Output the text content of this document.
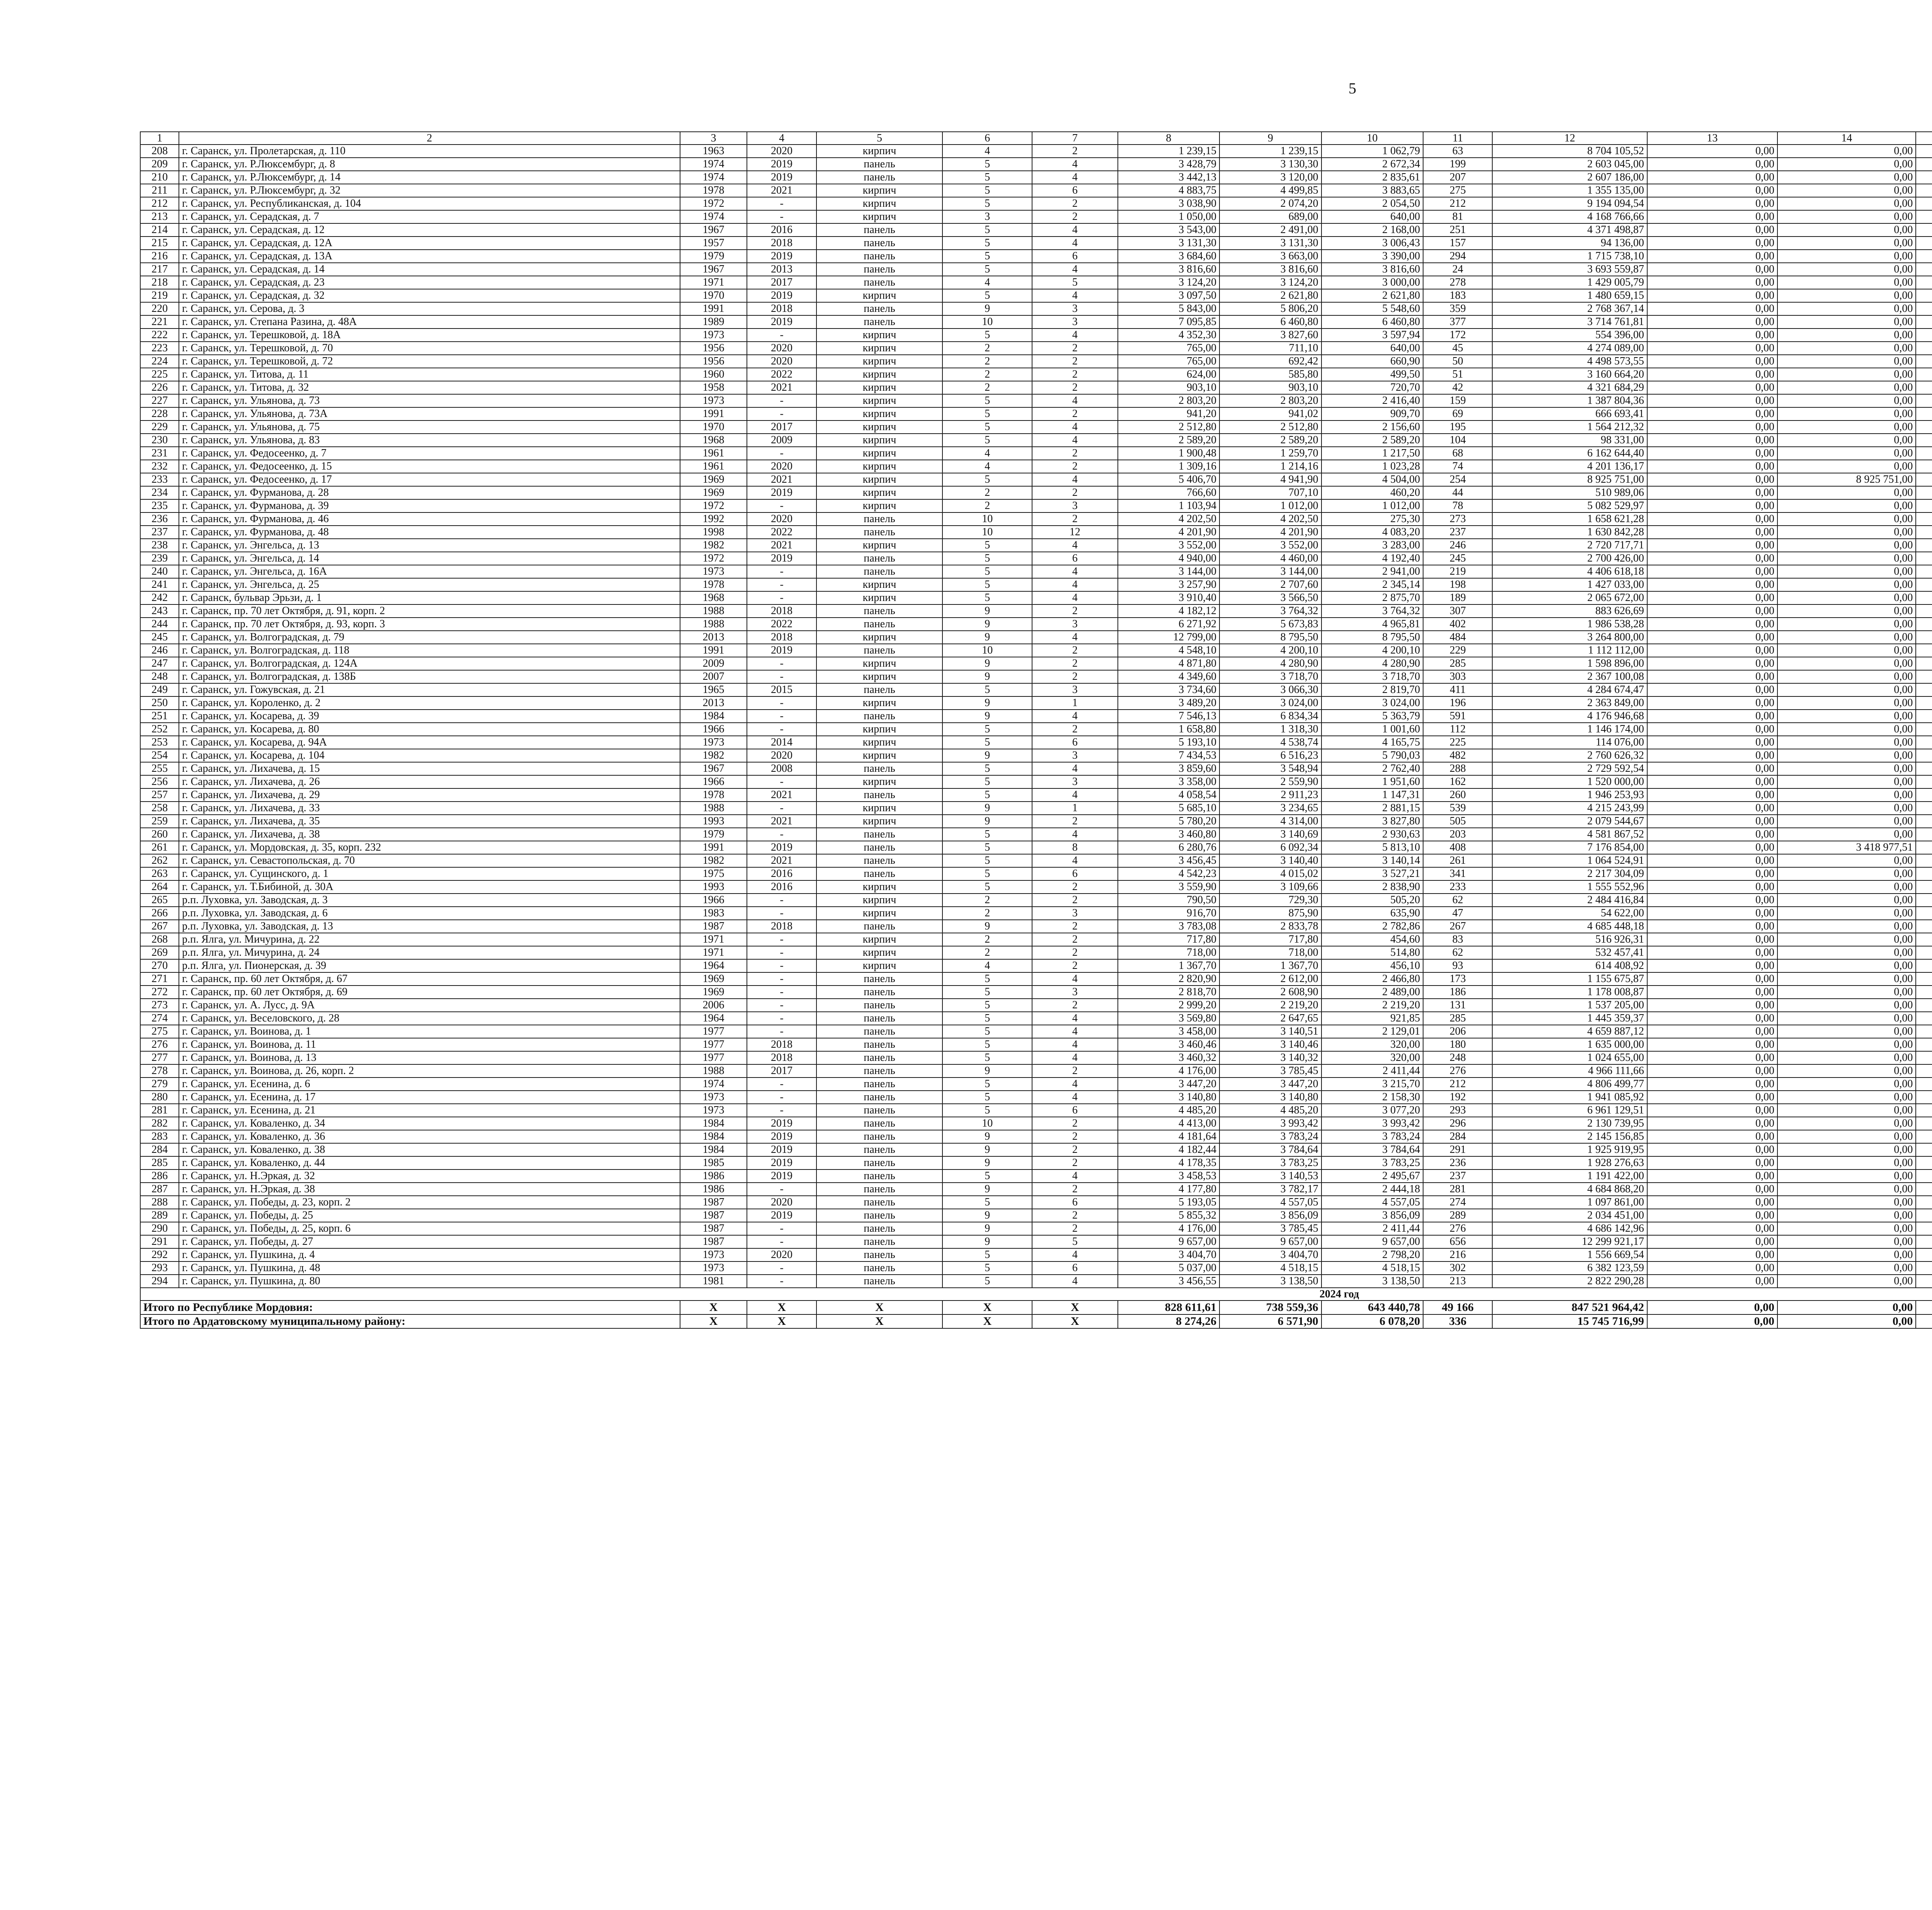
5
1	2	3	4	5	6	7	8	9	10	11	12	13	14					
208	г. Саранск, ул. Пролетарская, д. 110	1963	2020	кирпич	4	2	1 239,15	1 239,15	1 062,79	63	8 704 105,52	0,00	0,00					
209	г. Саранск, ул. Р.Люксембург, д. 8	1974	2019	панель	5	4	3 428,79	3 130,30	2 672,34	199	2 603 045,00	0,00	0,00					
210	г. Саранск, ул. Р.Люксембург, д. 14	1974	2019	панель	5	4	3 442,13	3 120,00	2 835,61	207	2 607 186,00	0,00	0,00					
211	г. Саранск, ул. Р.Люксембург, д. 32	1978	2021	кирпич	5	6	4 883,75	4 499,85	3 883,65	275	1 355 135,00	0,00	0,00					
212	г. Саранск, ул. Республиканская, д. 104	1972	-	кирпич	5	2	3 038,90	2 074,20	2 054,50	212	9 194 094,54	0,00	0,00					
213	г. Саранск, ул. Серадская, д. 7	1974	-	кирпич	3	2	1 050,00	689,00	640,00	81	4 168 766,66	0,00	0,00					
214	г. Саранск, ул. Серадская, д. 12	1967	2016	панель	5	4	3 543,00	2 491,00	2 168,00	251	4 371 498,87	0,00	0,00					
215	г. Саранск, ул. Серадская, д. 12А	1957	2018	панель	5	4	3 131,30	3 131,30	3 006,43	157	94 136,00	0,00	0,00					
216	г. Саранск, ул. Серадская, д. 13А	1979	2019	панель	5	6	3 684,60	3 663,00	3 390,00	294	1 715 738,10	0,00	0,00					
217	г. Саранск, ул. Серадская, д. 14	1967	2013	панель	5	4	3 816,60	3 816,60	3 816,60	24	3 693 559,87	0,00	0,00					
218	г. Саранск, ул. Серадская, д. 23	1971	2017	панель	4	5	3 124,20	3 124,20	3 000,00	278	1 429 005,79	0,00	0,00					
219	г. Саранск, ул. Серадская, д. 32	1970	2019	кирпич	5	4	3 097,50	2 621,80	2 621,80	183	1 480 659,15	0,00	0,00					
220	г. Саранск, ул. Серова, д. 3	1991	2018	панель	9	3	5 843,00	5 806,20	5 548,60	359	2 768 367,14	0,00	0,00					
221	г. Саранск, ул. Степана Разина, д. 48А	1989	2019	панель	10	3	7 095,85	6 460,80	6 460,80	377	3 714 761,81	0,00	0,00					
222	г. Саранск, ул. Терешковой, д. 18А	1973	-	кирпич	5	4	4 352,30	3 827,60	3 597,94	172	554 396,00	0,00	0,00					
223	г. Саранск, ул. Терешковой, д. 70	1956	2020	кирпич	2	2	765,00	711,10	640,00	45	4 274 089,00	0,00	0,00					
224	г. Саранск, ул. Терешковой, д. 72	1956	2020	кирпич	2	2	765,00	692,42	660,90	50	4 498 573,55	0,00	0,00					
225	г. Саранск, ул. Титова, д. 11	1960	2022	кирпич	2	2	624,00	585,80	499,50	51	3 160 664,20	0,00	0,00					
226	г. Саранск, ул. Титова, д. 32	1958	2021	кирпич	2	2	903,10	903,10	720,70	42	4 321 684,29	0,00	0,00					
227	г. Саранск, ул. Ульянова, д. 73	1973	-	кирпич	5	4	2 803,20	2 803,20	2 416,40	159	1 387 804,36	0,00	0,00					
228	г. Саранск, ул. Ульянова, д. 73А	1991	-	кирпич	5	2	941,20	941,02	909,70	69	666 693,41	0,00	0,00					
229	г. Саранск, ул. Ульянова, д. 75	1970	2017	кирпич	5	4	2 512,80	2 512,80	2 156,60	195	1 564 212,32	0,00	0,00					
230	г. Саранск, ул. Ульянова, д. 83	1968	2009	кирпич	5	4	2 589,20	2 589,20	2 589,20	104	98 331,00	0,00	0,00					
231	г. Саранск, ул. Федосеенко, д. 7	1961	-	кирпич	4	2	1 900,48	1 259,70	1 217,50	68	6 162 644,40	0,00	0,00					
232	г. Саранск, ул. Федосеенко, д. 15	1961	2020	кирпич	4	2	1 309,16	1 214,16	1 023,28	74	4 201 136,17	0,00	0,00					
233	г. Саранск, ул. Федосеенко, д. 17	1969	2021	кирпич	5	4	5 406,70	4 941,90	4 504,00	254	8 925 751,00	0,00	8 925 751,00					
234	г. Саранск, ул. Фурманова, д. 28	1969	2019	кирпич	2	2	766,60	707,10	460,20	44	510 989,06	0,00	0,00					
235	г. Саранск, ул. Фурманова, д. 39	1972	-	кирпич	2	3	1 103,94	1 012,00	1 012,00	78	5 082 529,97	0,00	0,00					
236	г. Саранск, ул. Фурманова, д. 46	1992	2020	панель	10	2	4 202,50	4 202,50	275,30	273	1 658 621,28	0,00	0,00					
237	г. Саранск, ул. Фурманова, д. 48	1998	2022	панель	10	12	4 201,90	4 201,90	4 083,20	237	1 630 842,28	0,00	0,00					
238	г. Саранск, ул. Энгельса, д. 13	1982	2021	кирпич	5	4	3 552,00	3 552,00	3 283,00	246	2 720 717,71	0,00	0,00					
239	г. Саранск, ул. Энгельса, д. 14	1972	2019	панель	5	6	4 940,00	4 460,00	4 192,40	245	2 700 426,00	0,00	0,00					
240	г. Саранск, ул. Энгельса, д. 16А	1973	-	панель	5	4	3 144,00	3 144,00	2 941,00	219	4 406 618,18	0,00	0,00					
241	г. Саранск, ул. Энгельса, д. 25	1978	-	кирпич	5	4	3 257,90	2 707,60	2 345,14	198	1 427 033,00	0,00	0,00					
242	г. Саранск, бульвар Эрьзи, д. 1	1968	-	кирпич	5	4	3 910,40	3 566,50	2 875,70	189	2 065 672,00	0,00	0,00					
243	г. Саранск, пр. 70 лет Октября, д. 91, корп. 2	1988	2018	панель	9	2	4 182,12	3 764,32	3 764,32	307	883 626,69	0,00	0,00					
244	г. Саранск, пр. 70 лет Октября, д. 93, корп. 3	1988	2022	панель	9	3	6 271,92	5 673,83	4 965,81	402	1 986 538,28	0,00	0,00					
245	г. Саранск, ул. Волгоградская, д. 79	2013	2018	кирпич	9	4	12 799,00	8 795,50	8 795,50	484	3 264 800,00	0,00	0,00					
246	г. Саранск, ул. Волгоградская, д. 118	1991	2019	панель	10	2	4 548,10	4 200,10	4 200,10	229	1 112 112,00	0,00	0,00					
247	г. Саранск, ул. Волгоградская, д. 124А	2009	-	кирпич	9	2	4 871,80	4 280,90	4 280,90	285	1 598 896,00	0,00	0,00					
248	г. Саранск, ул. Волгоградская, д. 138Б	2007	-	кирпич	9	2	4 349,60	3 718,70	3 718,70	303	2 367 100,08	0,00	0,00					
249	г. Саранск, ул. Гожувская, д. 21	1965	2015	панель	5	3	3 734,60	3 066,30	2 819,70	411	4 284 674,47	0,00	0,00					
250	г. Саранск, ул. Короленко, д. 2	2013	-	кирпич	9	1	3 489,20	3 024,00	3 024,00	196	2 363 849,00	0,00	0,00					
251	г. Саранск, ул. Косарева, д. 39	1984	-	панель	9	4	7 546,13	6 834,34	5 363,79	591	4 176 946,68	0,00	0,00					
252	г. Саранск, ул. Косарева, д. 80	1966	-	кирпич	5	2	1 658,80	1 318,30	1 001,60	112	1 146 174,00	0,00	0,00					
253	г. Саранск, ул. Косарева, д. 94А	1973	2014	кирпич	5	6	5 193,10	4 538,74	4 165,75	225	114 076,00	0,00	0,00					
254	г. Саранск, ул. Косарева, д. 104	1982	2020	кирпич	9	3	7 434,53	6 516,23	5 790,03	482	2 760 626,32	0,00	0,00					
255	г. Саранск, ул. Лихачева, д. 15	1967	2008	панель	5	4	3 859,60	3 548,94	2 762,40	288	2 729 592,54	0,00	0,00					
256	г. Саранск, ул. Лихачева, д. 26	1966	-	кирпич	5	3	3 358,00	2 559,90	1 951,60	162	1 520 000,00	0,00	0,00					
257	г. Саранск, ул. Лихачева, д. 29	1978	2021	панель	5	4	4 058,54	2 911,23	1 147,31	260	1 946 253,93	0,00	0,00					
258	г. Саранск, ул. Лихачева, д. 33	1988	-	кирпич	9	1	5 685,10	3 234,65	2 881,15	539	4 215 243,99	0,00	0,00					
259	г. Саранск, ул. Лихачева, д. 35	1993	2021	кирпич	9	2	5 780,20	4 314,00	3 827,80	505	2 079 544,67	0,00	0,00					
260	г. Саранск, ул. Лихачева, д. 38	1979	-	панель	5	4	3 460,80	3 140,69	2 930,63	203	4 581 867,52	0,00	0,00					
261	г. Саранск, ул. Мордовская, д. 35, корп. 232	1991	2019	панель	5	8	6 280,76	6 092,34	5 813,10	408	7 176 854,00	0,00	3 418 977,51					
262	г. Саранск, ул. Севастопольская, д. 70	1982	2021	панель	5	4	3 456,45	3 140,40	3 140,14	261	1 064 524,91	0,00	0,00					
263	г. Саранск, ул. Сущинского, д. 1	1975	2016	панель	5	6	4 542,23	4 015,02	3 527,21	341	2 217 304,09	0,00	0,00					
264	г. Саранск, ул. Т.Бибиной, д. 30А	1993	2016	кирпич	5	2	3 559,90	3 109,66	2 838,90	233	1 555 552,96	0,00	0,00					
265	р.п. Луховка, ул. Заводская, д. 3	1966	-	кирпич	2	2	790,50	729,30	505,20	62	2 484 416,84	0,00	0,00					
266	р.п. Луховка, ул. Заводская, д. 6	1983	-	кирпич	2	3	916,70	875,90	635,90	47	54 622,00	0,00	0,00					
267	р.п. Луховка, ул. Заводская, д. 13	1987	2018	панель	9	2	3 783,08	2 833,78	2 782,86	267	4 685 448,18	0,00	0,00					
268	р.п. Ялга, ул. Мичурина, д. 22	1971	-	кирпич	2	2	717,80	717,80	454,60	83	516 926,31	0,00	0,00					
269	р.п. Ялга, ул. Мичурина, д. 24	1971	-	кирпич	2	2	718,00	718,00	514,80	62	532 457,41	0,00	0,00					
270	р.п. Ялга, ул. Пионерская, д. 39	1964	-	кирпич	4	2	1 367,70	1 367,70	456,10	93	614 408,92	0,00	0,00					
271	г. Саранск, пр. 60 лет Октября, д. 67	1969	-	панель	5	4	2 820,90	2 612,00	2 466,80	173	1 155 675,87	0,00	0,00					
272	г. Саранск, пр. 60 лет Октября, д. 69	1969	-	панель	5	3	2 818,70	2 608,90	2 489,00	186	1 178 008,87	0,00	0,00					
273	г. Саранск, ул. А. Лусс, д. 9А	2006	-	панель	5	2	2 999,20	2 219,20	2 219,20	131	1 537 205,00	0,00	0,00					
274	г. Саранск, ул. Веселовского, д. 28	1964	-	панель	5	4	3 569,80	2 647,65	921,85	285	1 445 359,37	0,00	0,00					
275	г. Саранск, ул. Воинова, д. 1	1977	-	панель	5	4	3 458,00	3 140,51	2 129,01	206	4 659 887,12	0,00	0,00					
276	г. Саранск, ул. Воинова, д. 11	1977	2018	панель	5	4	3 460,46	3 140,46	320,00	180	1 635 000,00	0,00	0,00					
277	г. Саранск, ул. Воинова, д. 13	1977	2018	панель	5	4	3 460,32	3 140,32	320,00	248	1 024 655,00	0,00	0,00					
278	г. Саранск, ул. Воинова, д. 26, корп. 2	1988	2017	панель	9	2	4 176,00	3 785,45	2 411,44	276	4 966 111,66	0,00	0,00					
279	г. Саранск, ул. Есенина, д. 6	1974	-	панель	5	4	3 447,20	3 447,20	3 215,70	212	4 806 499,77	0,00	0,00					
280	г. Саранск, ул. Есенина, д. 17	1973	-	панель	5	4	3 140,80	3 140,80	2 158,30	192	1 941 085,92	0,00	0,00					
281	г. Саранск, ул. Есенина, д. 21	1973	-	панель	5	6	4 485,20	4 485,20	3 077,20	293	6 961 129,51	0,00	0,00					
282	г. Саранск, ул. Коваленко, д. 34	1984	2019	панель	10	2	4 413,00	3 993,42	3 993,42	296	2 130 739,95	0,00	0,00					
283	г. Саранск, ул. Коваленко, д. 36	1984	2019	панель	9	2	4 181,64	3 783,24	3 783,24	284	2 145 156,85	0,00	0,00					
284	г. Саранск, ул. Коваленко, д. 38	1984	2019	панель	9	2	4 182,44	3 784,64	3 784,64	291	1 925 919,95	0,00	0,00					
285	г. Саранск, ул. Коваленко, д. 44	1985	2019	панель	9	2	4 178,35	3 783,25	3 783,25	236	1 928 276,63	0,00	0,00					
286	г. Саранск, ул. Н.Эркая, д. 32	1986	2019	панель	5	4	3 458,53	3 140,53	2 495,67	237	1 191 422,00	0,00	0,00					
287	г. Саранск, ул. Н.Эркая, д. 38	1986	-	панель	9	2	4 177,80	3 782,17	2 444,18	281	4 684 868,20	0,00	0,00					
288	г. Саранск, ул. Победы, д. 23, корп. 2	1987	2020	панель	5	6	5 193,05	4 557,05	4 557,05	274	1 097 861,00	0,00	0,00					
289	г. Саранск, ул. Победы, д. 25	1987	2019	панель	9	2	5 855,32	3 856,09	3 856,09	289	2 034 451,00	0,00	0,00					
290	г. Саранск, ул. Победы, д. 25, корп. 6	1987	-	панель	9	2	4 176,00	3 785,45	2 411,44	276	4 686 142,96	0,00	0,00					
291	г. Саранск, ул. Победы, д. 27	1987	-	панель	9	5	9 657,00	9 657,00	9 657,00	656	12 299 921,17	0,00	0,00					
292	г. Саранск, ул. Пушкина, д. 4	1973	2020	панель	5	4	3 404,70	3 404,70	2 798,20	216	1 556 669,54	0,00	0,00					
293	г. Саранск, ул. Пушкина, д. 48	1973	-	панель	5	6	5 037,00	4 518,15	4 518,15	302	6 382 123,59	0,00	0,00					
294	г. Саранск, ул. Пушкина, д. 80	1981	-	панель	5	4	3 456,55	3 138,50	3 138,50	213	2 822 290,28	0,00	0,00					
2024 год																		
Итого по Республике Мордовия:		X	X	X	X	X	828 611,61	738 559,36	643 440,78	49 166	847 521 964,42	0,00	0,00					
Итого по Ардатовскому муниципальному району:		X	X	X	X	X	8 274,26	6 571,90	6 078,20	336	15 745 716,99	0,00	0,00					
